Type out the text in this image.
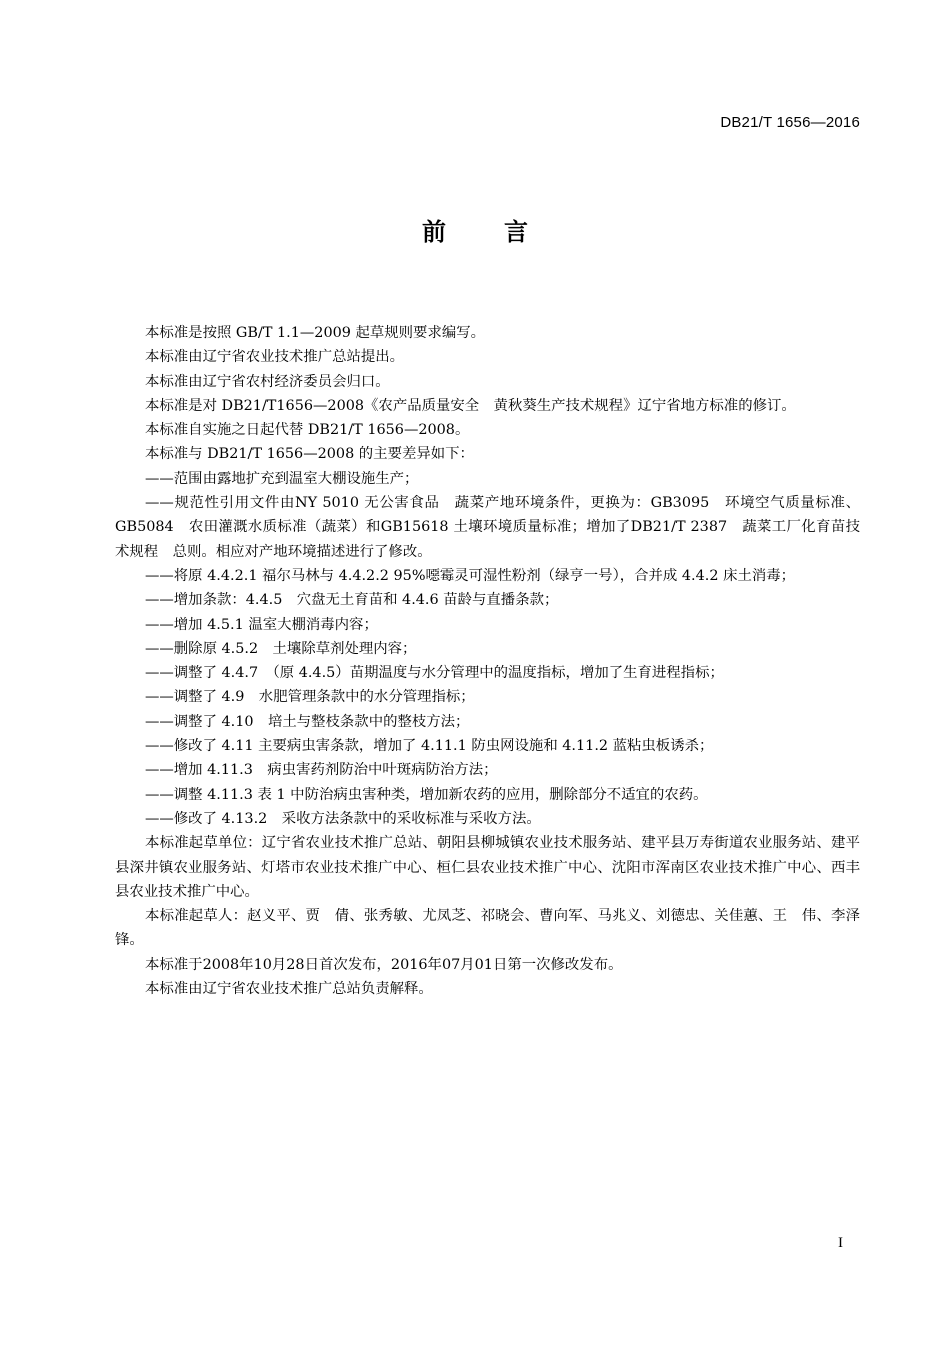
DB21/T 1656—2016
前言

本标准是按照 GB/T 1.1—2009 起草规则要求编写。

本标准由辽宁省农业技术推广总站提出。

本标准由辽宁省农村经济委员会归口。

本标准是对 DB21/T1656—2008《农产品质量安全　黄秋葵生产技术规程》辽宁省地方标准的修订。

本标准自实施之日起代替 DB21/T 1656—2008。

本标准与 DB21/T 1656—2008 的主要差异如下：

——范围由露地扩充到温室大棚设施生产；

——规范性引用文件由NY 5010 无公害食品　蔬菜产地环境条件，更换为：GB3095　环境空气质量标准、GB5084　农田灌溉水质标准（蔬菜）和GB15618 土壤环境质量标准；增加了DB21/T 2387　蔬菜工厂化育苗技术规程　总则。相应对产地环境描述进行了修改。

——将原 4.4.2.1 福尔马林与 4.4.2.2 95%噁霉灵可湿性粉剂（绿亨一号），合并成 4.4.2 床土消毒；

——增加条款：4.4.5　穴盘无土育苗和 4.4.6 苗龄与直播条款；

——增加 4.5.1 温室大棚消毒内容；

——删除原 4.5.2　土壤除草剂处理内容；

——调整了 4.4.7　（原 4.4.5）苗期温度与水分管理中的温度指标，增加了生育进程指标；

——调整了 4.9　水肥管理条款中的水分管理指标；

——调整了 4.10　培土与整枝条款中的整枝方法；

——修改了 4.11 主要病虫害条款，增加了 4.11.1 防虫网设施和 4.11.2 蓝粘虫板诱杀；

——增加 4.11.3　病虫害药剂防治中叶斑病防治方法；

——调整 4.11.3 表 1 中防治病虫害种类，增加新农药的应用，删除部分不适宜的农药。

——修改了 4.13.2　采收方法条款中的采收标准与采收方法。

本标准起草单位：辽宁省农业技术推广总站、朝阳县柳城镇农业技术服务站、建平县万寿街道农业服务站、建平县深井镇农业服务站、灯塔市农业技术推广中心、桓仁县农业技术推广中心、沈阳市浑南区农业技术推广中心、西丰县农业技术推广中心。

本标准起草人：赵义平、贾　倩、张秀敏、尤凤芝、祁晓会、曹向军、马兆义、刘德忠、关佳蕙、王　伟、李泽锋。

本标准于2008年10月28日首次发布，2016年07月01日第一次修改发布。

本标准由辽宁省农业技术推广总站负责解释。

I
